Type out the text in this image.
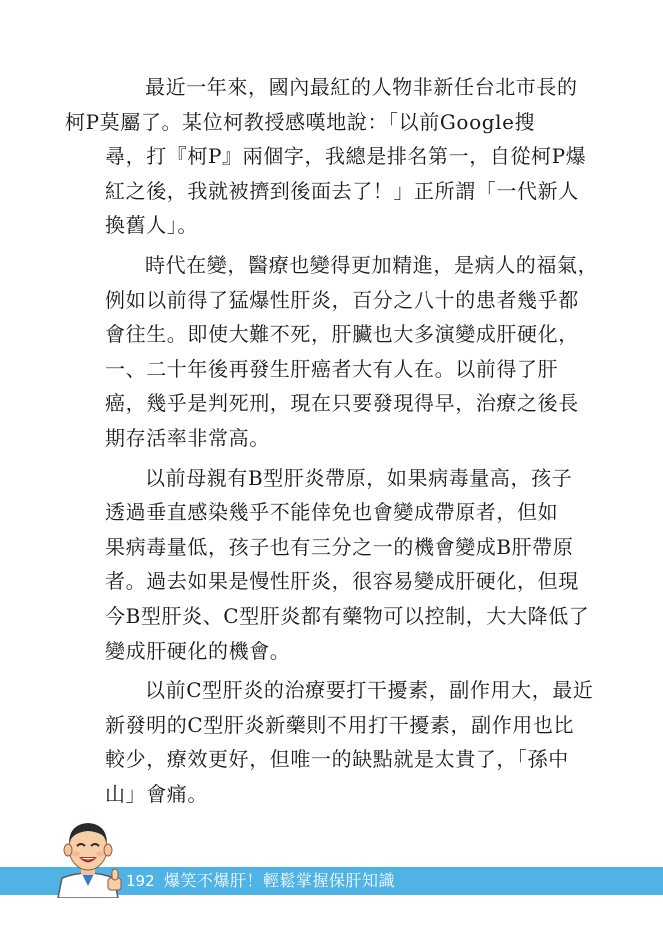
最近一年來，國內最紅的人物非新任台北市長的
柯P莫屬了。某位柯教授感嘆地說：「以前Google搜
尋，打『柯P』兩個字，我總是排名第一，自從柯P爆
紅之後，我就被擠到後面去了！」正所謂「一代新人
換舊人」。

時代在變，醫療也變得更加精進，是病人的福氣，
例如以前得了猛爆性肝炎，百分之八十的患者幾乎都
會往生。即使大難不死，肝臟也大多演變成肝硬化，
一、二十年後再發生肝癌者大有人在。以前得了肝
癌，幾乎是判死刑，現在只要發現得早，治療之後長
期存活率非常高。

以前母親有B型肝炎帶原，如果病毒量高，孩子
透過垂直感染幾乎不能倖免也會變成帶原者，但如
果病毒量低，孩子也有三分之一的機會變成B肝帶原
者。過去如果是慢性肝炎，很容易變成肝硬化，但現
今B型肝炎、C型肝炎都有藥物可以控制，大大降低了
變成肝硬化的機會。

以前C型肝炎的治療要打干擾素，副作用大，最近
新發明的C型肝炎新藥則不用打干擾素，副作用也比
較少，療效更好，但唯一的缺點就是太貴了，「孫中
山」會痛。

192 爆笑不爆肝！輕鬆掌握保肝知識
